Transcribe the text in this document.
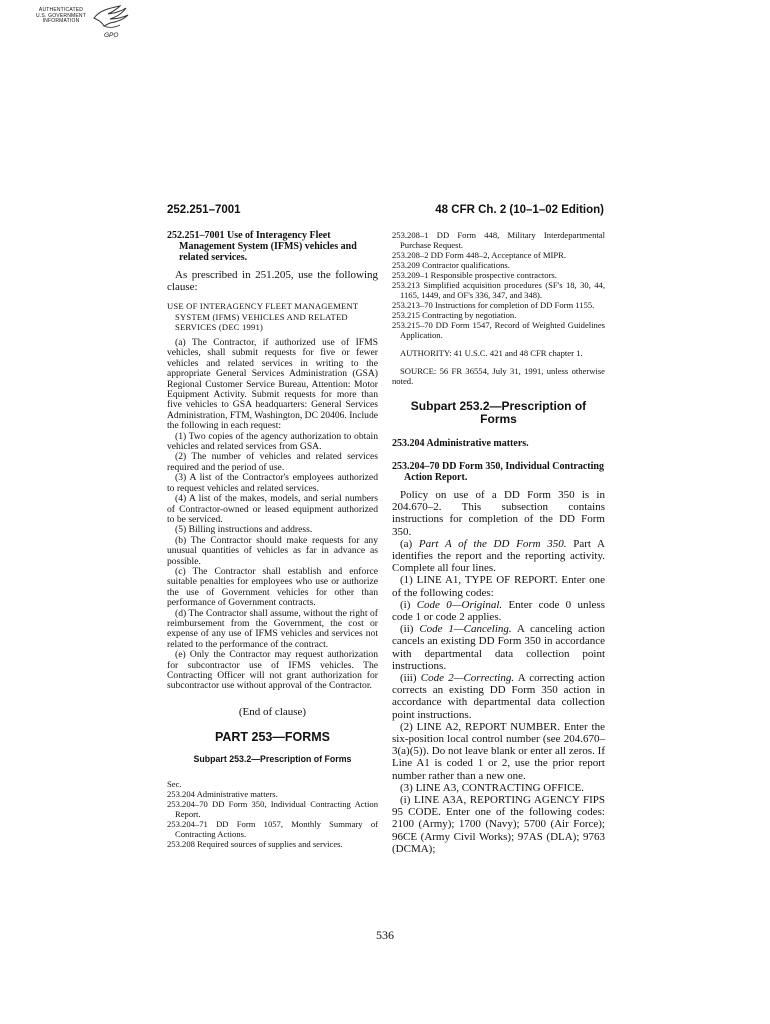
AUTHENTICATED
U.S. GOVERNMENT
INFORMATION
GPO
252.251–7001	48 CFR Ch. 2 (10–1–02 Edition)

252.251–7001 Use of Interagency Fleet Management System (IFMS) vehicles and related services.

As prescribed in 251.205, use the following clause:

USE OF INTERAGENCY FLEET MANAGEMENT SYSTEM (IFMS) VEHICLES AND RELATED SERVICES (DEC 1991)

(a) The Contractor, if authorized use of IFMS vehicles, shall submit requests for five or fewer vehicles and related services in writing to the appropriate General Services Administration (GSA) Regional Customer Service Bureau, Attention: Motor Equipment Activity. Submit requests for more than five vehicles to GSA headquarters: General Services Administration, FTM, Washington, DC 20406. Include the following in each request:

(1) Two copies of the agency authorization to obtain vehicles and related services from GSA.

(2) The number of vehicles and related services required and the period of use.

(3) A list of the Contractor's employees authorized to request vehicles and related services.

(4) A list of the makes, models, and serial numbers of Contractor-owned or leased equipment authorized to be serviced.

(5) Billing instructions and address.

(b) The Contractor should make requests for any unusual quantities of vehicles as far in advance as possible.

(c) The Contractor shall establish and enforce suitable penalties for employees who use or authorize the use of Government vehicles for other than performance of Government contracts.

(d) The Contractor shall assume, without the right of reimbursement from the Government, the cost or expense of any use of IFMS vehicles and services not related to the performance of the contract.

(e) Only the Contractor may request authorization for subcontractor use of IFMS vehicles. The Contracting Officer will not grant authorization for subcontractor use without approval of the Contractor.

(End of clause)

PART 253—FORMS

Subpart 253.2—Prescription of Forms

Sec.

253.204 Administrative matters.

253.204–70 DD Form 350, Individual Contracting Action Report.

253.204–71 DD Form 1057, Monthly Summary of Contracting Actions.

253.208 Required sources of supplies and services.

253.208–1 DD Form 448, Military Interdepartmental Purchase Request.

253.208–2 DD Form 448–2, Acceptance of MIPR.

253.209 Contractor qualifications.

253.209–1 Responsible prospective contractors.

253.213 Simplified acquisition procedures (SF's 18, 30, 44, 1165, 1449, and OF's 336, 347, and 348).

253.213–70 Instructions for completion of DD Form 1155.

253.215 Contracting by negotiation.

253.215–70 DD Form 1547, Record of Weighted Guidelines Application.

AUTHORITY: 41 U.S.C. 421 and 48 CFR chapter 1.

SOURCE: 56 FR 36554, July 31, 1991, unless otherwise noted.

Subpart 253.2—Prescription of Forms

253.204 Administrative matters.

253.204–70 DD Form 350, Individual Contracting Action Report.

Policy on use of a DD Form 350 is in 204.670–2. This subsection contains instructions for completion of the DD Form 350.

(a) Part A of the DD Form 350. Part A identifies the report and the reporting activity. Complete all four lines.

(1) LINE A1, TYPE OF REPORT. Enter one of the following codes:

(i) Code 0—Original. Enter code 0 unless code 1 or code 2 applies.

(ii) Code 1—Canceling. A canceling action cancels an existing DD Form 350 in accordance with departmental data collection point instructions.

(iii) Code 2—Correcting. A correcting action corrects an existing DD Form 350 action in accordance with departmental data collection point instructions.

(2) LINE A2, REPORT NUMBER. Enter the six-position local control number (see 204.670–3(a)(5)). Do not leave blank or enter all zeros. If Line A1 is coded 1 or 2, use the prior report number rather than a new one.

(3) LINE A3, CONTRACTING OFFICE.

(i) LINE A3A, REPORTING AGENCY FIPS 95 CODE. Enter one of the following codes: 2100 (Army); 1700 (Navy); 5700 (Air Force); 96CE (Army Civil Works); 97AS (DLA); 9763 (DCMA);

536
